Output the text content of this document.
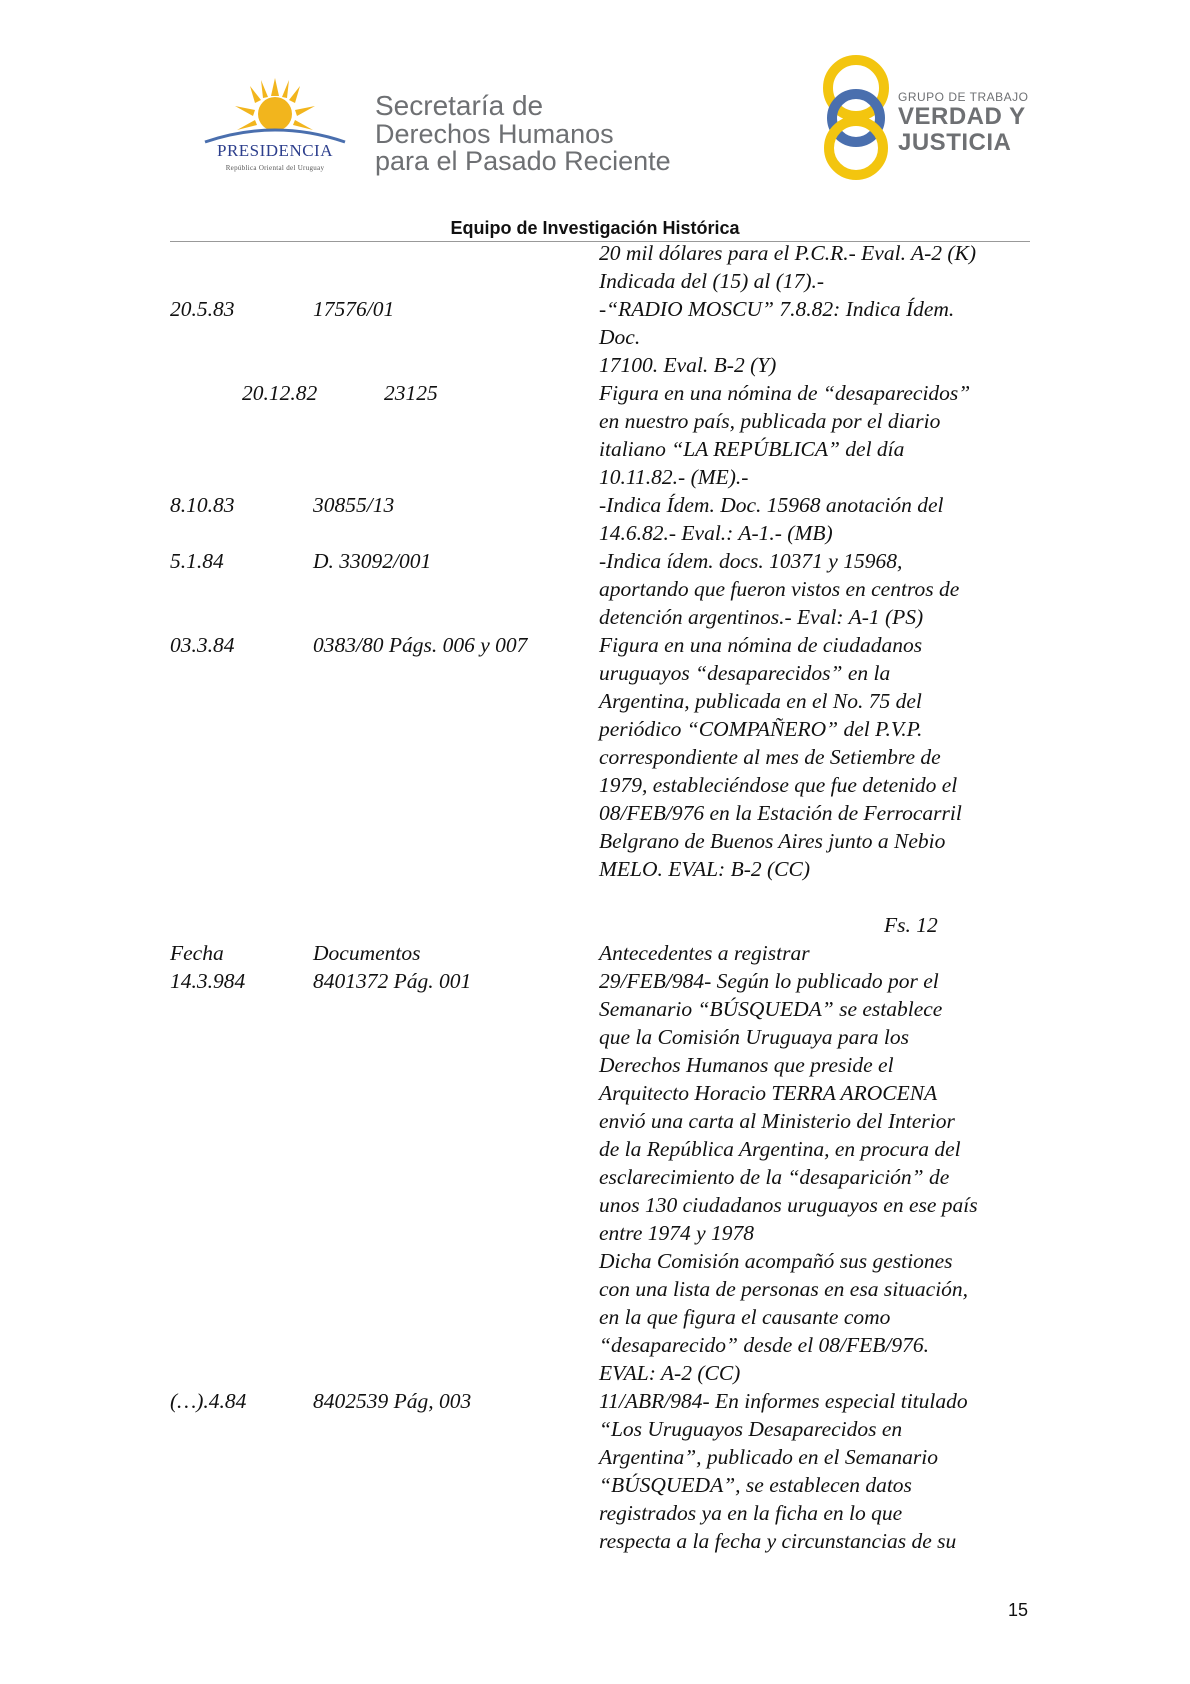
PRESIDENCIA
República Oriental del Uruguay
Secretaría de
Derechos Humanos
para el Pasado Reciente
GRUPO DE TRABAJO
VERDAD Y
JUSTICIA
Equipo de Investigación Histórica
20 mil dólares para el P.C.R.- Eval. A-2 (K)
Indicada del (15) al (17).-
20.5.83	17576/01	-“RADIO MOSCU” 7.8.82: Indica Ídem.
Doc.
17100. Eval. B-2 (Y)
20.12.82	23125	Figura en una nómina de “desaparecidos”
en nuestro país, publicada por el diario
italiano “LA REPÚBLICA” del día
10.11.82.- (ME).-
8.10.83	30855/13	-Indica Ídem. Doc. 15968 anotación del
14.6.82.- Eval.: A-1.- (MB)
5.1.84	D. 33092/001	-Indica ídem. docs. 10371 y 15968,
aportando que fueron vistos en centros de
detención argentinos.- Eval: A-1 (PS)
03.3.84	0383/80 Págs. 006 y 007	Figura en una nómina de ciudadanos
uruguayos “desaparecidos” en la
Argentina, publicada en el No. 75 del
periódico “COMPAÑERO” del P.V.P.
correspondiente al mes de Setiembre de
1979, estableciéndose que fue detenido el
08/FEB/976 en la Estación de Ferrocarril
Belgrano de Buenos Aires junto a Nebio
MELO. EVAL: B-2 (CC)
Fs. 12
Fecha	Documentos	Antecedentes a registrar
14.3.984	8401372 Pág. 001	29/FEB/984- Según lo publicado por el
Semanario “BÚSQUEDA” se establece
que la Comisión Uruguaya para los
Derechos Humanos que preside el
Arquitecto Horacio TERRA AROCENA
envió una carta al Ministerio del Interior
de la República Argentina, en procura del
esclarecimiento de la “desaparición” de
unos 130 ciudadanos uruguayos en ese país
entre 1974 y 1978
Dicha Comisión acompañó sus gestiones
con una lista de personas en esa situación,
en la que figura el causante como
“desaparecido” desde el 08/FEB/976.
EVAL: A-2 (CC)
(…).4.84	8402539 Pág, 003	11/ABR/984- En informes especial titulado
“Los Uruguayos Desaparecidos en
Argentina”, publicado en el Semanario
“BÚSQUEDA”, se establecen datos
registrados ya en la ficha en lo que
respecta a la fecha y circunstancias de su
15
